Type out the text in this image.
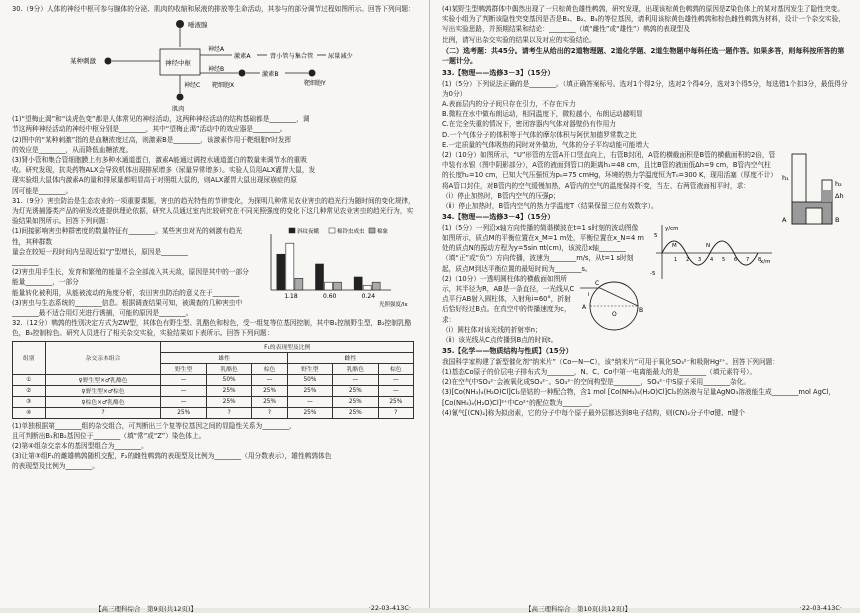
30.（9分）人体的神经中枢可参与腺体的分泌、肌肉的收缩和尿液的排放等生命活动，其参与的部分调节过程如图所示。回答下列问题：

唾液腺
某种刺激	神经中枢
神经A
激素A	肾小管与集合管 尿量减少
神经B
激素B
靶细胞Y
神经C 靶细胞X
肌肉

(1)“望梅止渴”和“谈虎色变”都是人体常见的神经活动，这两种神经活动的结构基础都是________，调

节这两种神经活动的神经中枢分别是________，其中“望梅止渴”活动中的效应器是________。

(2)图中的“某种刺激”指的是血糖浓度过高，则激素B是________，该激素作用于靶细胞Y时发挥

的效应是________，从而降低血糖浓度。

(3)肾小管和集合管细胞膜上有多种水通道蛋白，激素A能通过调控水通道蛋白的数量来调节水的重吸

收。研究发现，抗炎药物ALX会导致机体出现排尿增多（尿量异常增多）。实验人员用ALX灌胃大鼠，发

现实验组大鼠体内激素A的量和排尿量都明显高于对照组大鼠的，则ALX灌胃大鼠出现尿崩症的原

因可能是________。

31.（9分）害虫防治是生态农业的一项重要课题，害虫的趋光特性的节律变化，为探明几种常见农业害虫的趋光行为随时间的变化规律，为灯光诱捕器类产品的研发改进提供理论依据，研究人员通过室内比较研究在不同光照强度的变化下这几种常见农业害虫的趋光行为，实验结果如图所示。回答下列问题：

1.18	0.60	0.24
光照强度/lx
斜纹夜蛾	棉铃虫成虫 棉象

(1)间接影响害虫种群密度的数量特征有________。某些害虫对光的刺激有趋光性，其种群数

量会在较短一段时间内呈现近似“J”型增长，原因是________

________

(2)害虫用手生长，发育和繁殖的能量不会全部流入其天敌，原因是其中的一部分能量________，一部分

能量转化被利用，从能被流动的角度分析，农田害虫防治的意义在于________

(3)害虫与生态系统的________信息。根据调查结果可知，被调查的几种害虫中________最不适合用灯光进行诱捕，可能的原因是________。

32.（12分）鹌鹑的性别决定方式为ZW型，其体色有野生型、乳酪色和棕色，受一组复等位基因控制，其中B₁控制野生型，B₂控制乳酪色，B₃控制棕色。研究人员进行了相关杂交实验，实验结果如下表所示。回答下列问题：

组别	杂交亲本组合	F₁的表现型及比例					
		雄性			雌性		
		野生型	乳酪色	棕色	野生型	乳酪色	棕色
①	♀野生型×♂乳酪色	—	50%	—	50%	—	—
②	♀野生型×♂棕色	—	25%	25%	25%	25%	—
③	♀棕色×♂乳酪色	—	25%	25%	—	25%	25%
④	?	25%	?	?	25%	25%	?

(1)单独根据第________组的杂交组合，可判断出三个复等位基因之间的显隐性关系为________，

且可判断出B₁和B₂基因位于________（填“常”或“Z”）染色体上。

(2)第④组杂交亲本的基因型组合为________。

(3)让第③组F₁的雌雄鹌鹑随机交配，F₂的雌性鹌鹑的表现型及比例为________（用分数表示），雄性鹌鹑体色

的表现型及比例为________。

【高三理科综合　第9页(共12页)】	·22-03-413C·

(4)某野生型鹌鹑群体中偶然出现了一只棕黄色雄性鹌鹑，研究发现，出现该棕黄色鹌鹑的原因是Z染色体上的某对基因发生了隐性突变。实验小组为了判断该隐性突变基因是否是B₁、B₂、B₃的等位基因，请利用该棕黄色雄性鹌鹑和棕色雌性鹌鹑为材料，设计一个杂交实验，写出实验思路，并预期结果和结论：________（填“雌性”或“雄性”）鹌鹑的表现型及

比例，请写出杂交实验的结果以及对应的实验结论。

（二）选考题：共45分。请考生从给出的2道物理题、2道化学题、2道生物题中每科任选一题作答。如果多答，则每科按所答的第一题计分。

33.【物理——选修3－3】（15分）

(1)（5分）下列说法正确的是________。（填正确答案标号。选对1个得2分，选对2个得4分，选对3个得5分，每选错1个扣3分，最低得分为0分）

A.表面层内的分子间只存在引力，不存在斥力

B.微粒在水中做布朗运动，相同温度下，微粒越小，布朗运动越明显

C.在完全失重的情况下，密闭容器内气体对器壁仍有作用力

D.一个气体分子的体积等于气体的摩尔体积与阿伏加德罗常数之比

E.一定质量的气体吸热的同时对外做功，气体的分子平均动能可能增大

h₁
h₂
Δh
A	B

(2)（10分）如图所示，“U”形管的左管A开口竖直向上，右管B封闭，A管的横截面积是B管的横截面积的2倍，管中装有水银（图中阴影部分），A管的液面到管口的距离h₁=48 cm，且比B管的液面低Δh=9 cm，B管内空气柱的长度h₂=10 cm，已知大气压强恒为p₀=75 cmHg，环境的热力学温度恒为T₀=300 K，现用活塞（厚度不计）将A管口封住，对B管内的空气缓慢加热，A管内的空气的温度保持不变，当左、右两管液面相平时，求：

（ⅰ）停止加热时，B管内空气的压强p；

（ⅱ）停止加热时，B管内空气的热力学温度T（结果保留三位有效数字）。

34.【物理——选修3－4】（15分）

y/cm
x/m
5
-5
M	N
1 2 3 4 5 6 7 8

(1)（5分）一列沿x轴方向传播的简谐横波在t=1 s时刻的波动图像如图所示，质点M的平衡位置在x_M=1 m处，平衡位置在x_N=4 m处的质点N的振动方程为y=5sin πt(cm)，该波沿x轴________（填“正”或“负”）方向传播，波速为________m/s，从t=1 s时刻起，质点M到达平衡位置的最短时间为________s。

A	B
C
O
i

(2)（10分）一透明圆柱体的横截面如图所示，其半径为R，AB是一条直径，一光线从C点平行AB射入圆柱体，入射角i=60°，折射后恰好经过B点。在真空中的传播速度为c，求：

（ⅰ）圆柱体对该光线的折射率n；

（ⅱ）该光线从C点传播到B点的时间t。

35.【化学——物质结构与性质】（15分）

我国科学家构建了新型催化剂“纳米片”（Co—N—C），该“纳米片”可用于氧化SO₃²⁻和吸附Hg²⁺。回答下列问题：

(1)基态Co原子的价层电子排布式为________，N、C、Co中第一电离能最大的是________（填元素符号）。

(2)在空气中SO₃²⁻会被氧化成SO₄²⁻。SO₃²⁻的空间构型是________，SO₄²⁻中S原子采用________杂化。

(3)[Co(NH₃)₄(H₂O)Cl]Cl₂是钴的一种配合物，含1 mol [Co(NH₃)₄(H₂O)Cl]Cl₂的溶液与足量AgNO₃溶液能生成________mol AgCl，[Co(NH₃)₄(H₂O)Cl]²⁺中Co²⁺的配位数为________。

(4)氰气[(CN)₂]称为拟卤素，它的分子中每个原子最外层都达到8电子结构，则(CN)₂分子中σ键、π键个

【高三理科综合　第10页(共12页)】	·22-03-413C·
